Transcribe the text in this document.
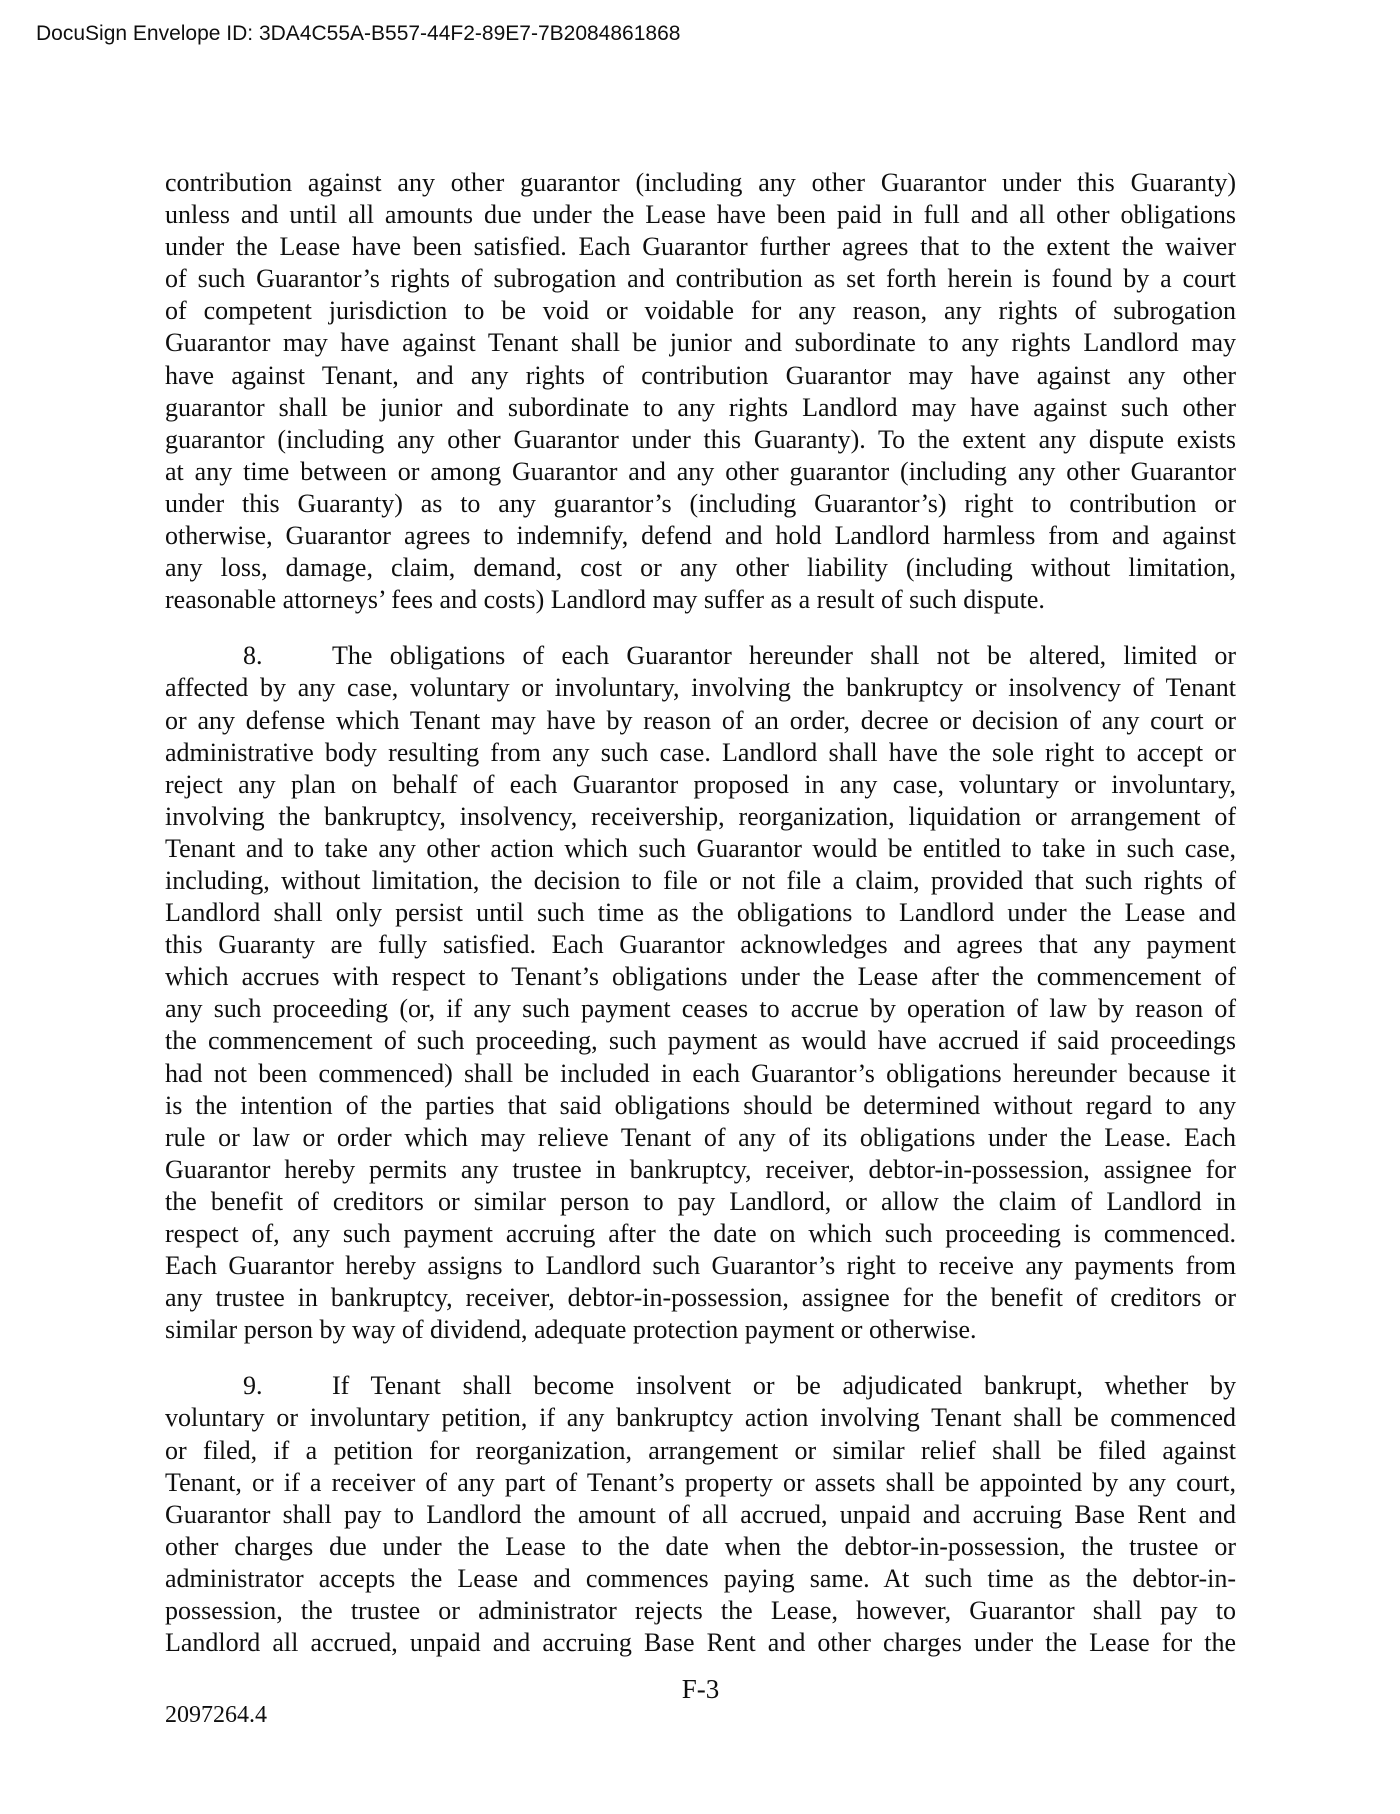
DocuSign Envelope ID: 3DA4C55A-B557-44F2-89E7-7B2084861868
contribution against any other guarantor (including any other Guarantor under this Guaranty)
unless and until all amounts due under the Lease have been paid in full and all other obligations
under the Lease have been satisfied. Each Guarantor further agrees that to the extent the waiver
of such Guarantor’s rights of subrogation and contribution as set forth herein is found by a court
of competent jurisdiction to be void or voidable for any reason, any rights of subrogation
Guarantor may have against Tenant shall be junior and subordinate to any rights Landlord may
have against Tenant, and any rights of contribution Guarantor may have against any other
guarantor shall be junior and subordinate to any rights Landlord may have against such other
guarantor (including any other Guarantor under this Guaranty). To the extent any dispute exists
at any time between or among Guarantor and any other guarantor (including any other Guarantor
under this Guaranty) as to any guarantor’s (including Guarantor’s) right to contribution or
otherwise, Guarantor agrees to indemnify, defend and hold Landlord harmless from and against
any loss, damage, claim, demand, cost or any other liability (including without limitation,
reasonable attorneys’ fees and costs) Landlord may suffer as a result of such dispute.
8.	The obligations of each Guarantor hereunder shall not be altered, limited or
affected by any case, voluntary or involuntary, involving the bankruptcy or insolvency of Tenant
or any defense which Tenant may have by reason of an order, decree or decision of any court or
administrative body resulting from any such case. Landlord shall have the sole right to accept or
reject any plan on behalf of each Guarantor proposed in any case, voluntary or involuntary,
involving the bankruptcy, insolvency, receivership, reorganization, liquidation or arrangement of
Tenant and to take any other action which such Guarantor would be entitled to take in such case,
including, without limitation, the decision to file or not file a claim, provided that such rights of
Landlord shall only persist until such time as the obligations to Landlord under the Lease and
this Guaranty are fully satisfied. Each Guarantor acknowledges and agrees that any payment
which accrues with respect to Tenant’s obligations under the Lease after the commencement of
any such proceeding (or, if any such payment ceases to accrue by operation of law by reason of
the commencement of such proceeding, such payment as would have accrued if said proceedings
had not been commenced) shall be included in each Guarantor’s obligations hereunder because it
is the intention of the parties that said obligations should be determined without regard to any
rule or law or order which may relieve Tenant of any of its obligations under the Lease. Each
Guarantor hereby permits any trustee in bankruptcy, receiver, debtor-in-possession, assignee for
the benefit of creditors or similar person to pay Landlord, or allow the claim of Landlord in
respect of, any such payment accruing after the date on which such proceeding is commenced.
Each Guarantor hereby assigns to Landlord such Guarantor’s right to receive any payments from
any trustee in bankruptcy, receiver, debtor-in-possession, assignee for the benefit of creditors or
similar person by way of dividend, adequate protection payment or otherwise.
9.	If Tenant shall become insolvent or be adjudicated bankrupt, whether by
voluntary or involuntary petition, if any bankruptcy action involving Tenant shall be commenced
or filed, if a petition for reorganization, arrangement or similar relief shall be filed against
Tenant, or if a receiver of any part of Tenant’s property or assets shall be appointed by any court,
Guarantor shall pay to Landlord the amount of all accrued, unpaid and accruing Base Rent and
other charges due under the Lease to the date when the debtor-in-possession, the trustee or
administrator accepts the Lease and commences paying same. At such time as the debtor-in-
possession, the trustee or administrator rejects the Lease, however, Guarantor shall pay to
Landlord all accrued, unpaid and accruing Base Rent and other charges under the Lease for the
F-3
2097264.4
